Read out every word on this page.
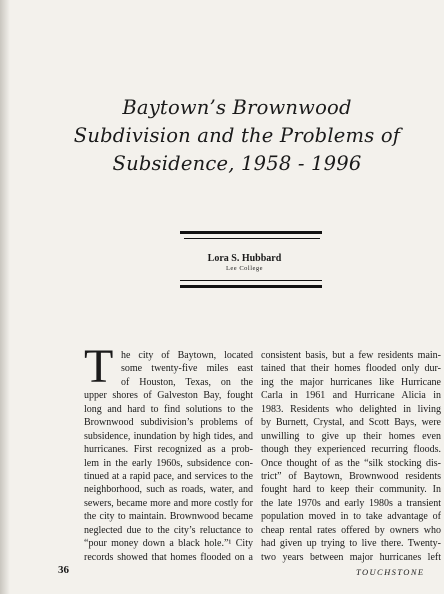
Baytown’s Brownwood
Subdivision and the Problems of
Subsidence, 1958 - 1996
Lora S. Hubbard
Lee College
T he city of Baytown, located
some twenty-five miles east
of Houston, Texas, on the
upper shores of Galveston Bay, fought
long and hard to find solutions to the
Brownwood subdivision’s problems of
subsidence, inundation by high tides, and
hurricanes. First recognized as a prob-
lem in the early 1960s, subsidence con-
tinued at a rapid pace, and services to the
neighborhood, such as roads, water, and
sewers, became more and more costly for
the city to maintain. Brownwood became
neglected due to the city’s reluctance to
“pour money down a black hole.”¹ City
records showed that homes flooded on a
consistent basis, but a few residents main-
tained that their homes flooded only dur-
ing the major hurricanes like Hurricane
Carla in 1961 and Hurricane Alicia in
1983. Residents who delighted in living
by Burnett, Crystal, and Scott Bays, were
unwilling to give up their homes even
though they experienced recurring floods.
Once thought of as the “silk stocking dis-
trict” of Baytown, Brownwood residents
fought hard to keep their community. In
the late 1970s and early 1980s a transient
population moved in to take advantage of
cheap rental rates offered by owners who
had given up trying to live there. Twenty-
two years between major hurricanes left
36	TOUCHSTONE
